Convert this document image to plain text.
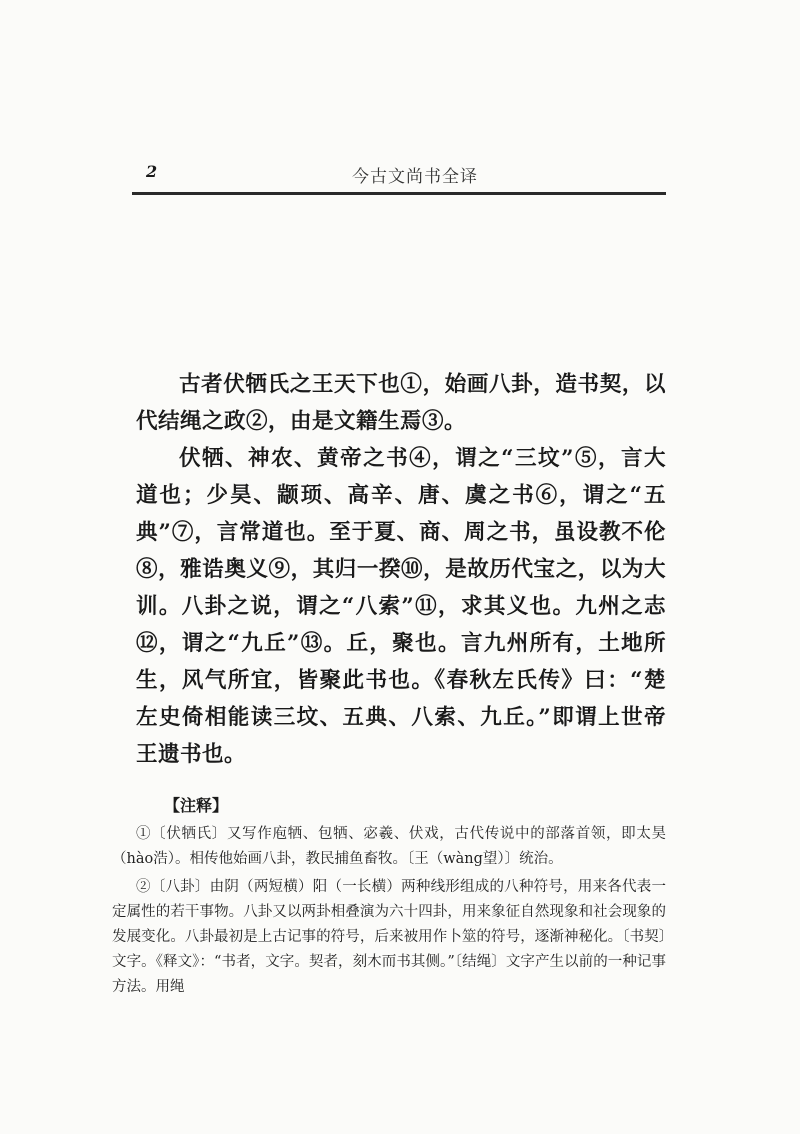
2	今古文尚书全译

古者伏牺氏之王天下也①，始画八卦，造书契，以代结绳之政②，由是文籍生焉③。

伏牺、神农、黄帝之书④，谓之“三坟”⑤，言大道也；少昊、颛顼、高辛、唐、虞之书⑥，谓之“五典”⑦，言常道也。至于夏、商、周之书，虽设教不伦⑧，雅诰奥义⑨，其归一揆⑩，是故历代宝之，以为大训。八卦之说，谓之“八索”⑪，求其义也。九州之志⑫，谓之“九丘”⑬。丘，聚也。言九州所有，土地所生，风气所宜，皆聚此书也。《春秋左氏传》曰：“楚左史倚相能读三坟、五典、八索、九丘。”即谓上世帝王遗书也。

【注释】

①〔伏牺氏〕又写作庖牺、包牺、宓羲、伏戏，古代传说中的部落首领，即太昊（hào浩）。相传他始画八卦，教民捕鱼畜牧。〔王（wàng望）〕统治。

②〔八卦〕由阴（两短横）阳（一长横）两种线形组成的八种符号，用来各代表一定属性的若干事物。八卦又以两卦相叠演为六十四卦，用来象征自然现象和社会现象的发展变化。八卦最初是上古记事的符号，后来被用作卜筮的符号，逐渐神秘化。〔书契〕文字。《释文》：“书者，文字。契者，刻木而书其侧。”〔结绳〕文字产生以前的一种记事方法。用绳
